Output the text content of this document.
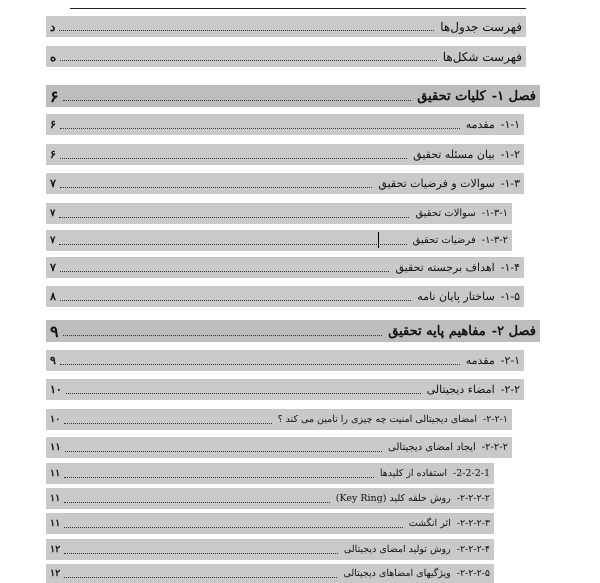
فهرست جدول‌ها
د
فهرست شکل‌ها
ه
فصل ۱-
کلیات تحقیق
۶
۱-۱-
مقدمه
۶
۱-۲-
بیان مسئله تحقیق
۶
۱-۳-
سوالات و فرضیات تحقیق
۷
۱-۳-۱-
سوالات تحقیق
۷
۱-۳-۲-
فرضیات تحقیق
۷
۱-۴-
اهداف برجسته تحقیق
۷
۱-۵-
ساختار پایان نامه
۸
فصل ۲-
مفاهیم پایه تحقیق
۹
۲-۱-
مقدمه
۹
۲-۲-
امضاء دیجیتالی
۱۰
۲-۲-۱-
امضای دیجیتالی امنیت چه چیزی را تامین می کند ؟
۱۰
۲-۲-۲-
ایجاد امضای دیجیتالی
۱۱
2-2-2-1-
استفاده از کلیدها
۱۱
۲-۲-۲-۲-
روش حلقه کلید (Key Ring)
۱۱
۲-۲-۲-۳-
اثر انگشت
۱۱
۲-۲-۲-۴-
روش تولید امضای دیجیتالی
۱۲
۲-۲-۲-۵-
ویژگیهای امضاهای دیجیتالی
۱۲
